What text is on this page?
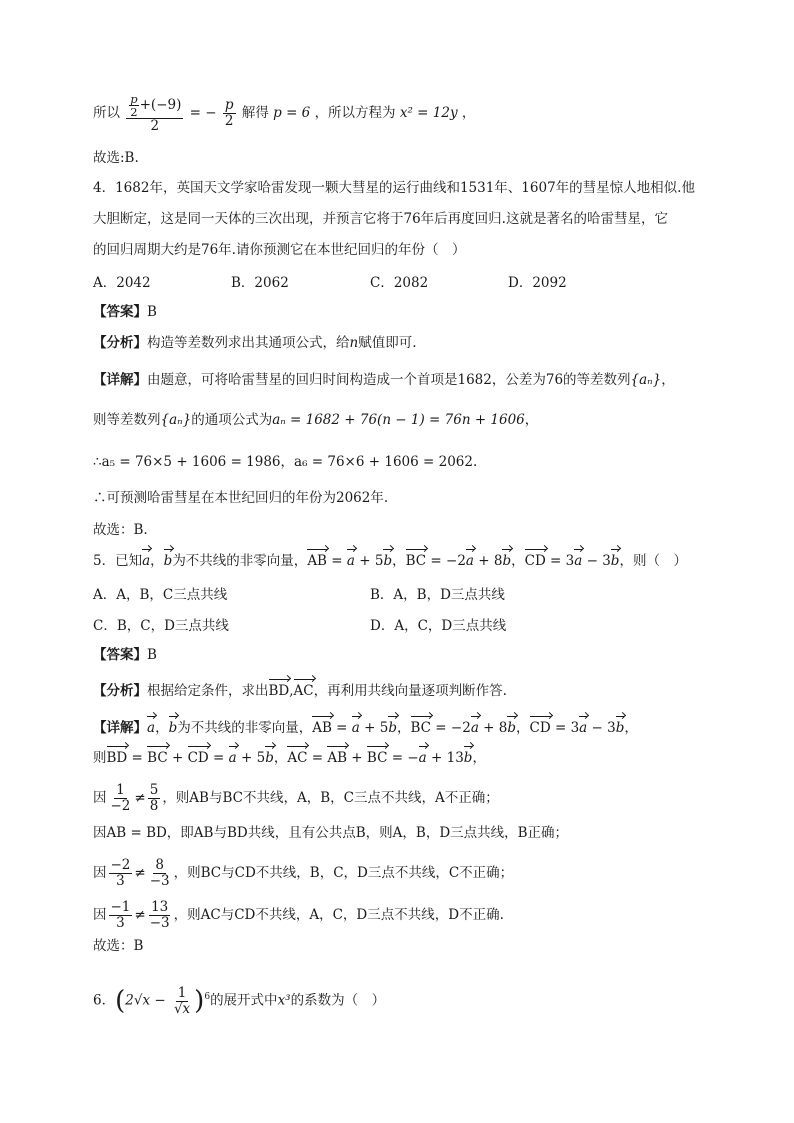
所以 $\frac{\frac{p}{2} +(-9)}{2}$ = − $\frac{p}{2}$ 解得 p = 6 ，所以方程为 x² = 12y ，
故选:B.
4．1682年，英国天文学家哈雷发现一颗大彗星的运行曲线和1531年、1607年的彗星惊人地相似.他
大胆断定，这是同一天体的三次出现，并预言它将于76年后再度回归.这就是著名的哈雷彗星，它
的回归周期大约是76年.请你预测它在本世纪回归的年份（　）
A．2042	B．2062	C．2082	D．2092
【答案】B
【分析】构造等差数列求出其通项公式，给n赋值即可.
【详解】由题意，可将哈雷彗星的回归时间构造成一个首项是1682，公差为76的等差数列{aₙ}，
则等差数列{aₙ}的通项公式为aₙ = 1682 + 76(n − 1) = 76n + 1606，
∴a₅ = 76×5 + 1606 = 1986，a₆ = 76×6 + 1606 = 2062.
∴可预测哈雷彗星在本世纪回归的年份为2062年.
故选：B.
5．已知a，b为不共线的非零向量，AB = a + 5b，BC = −2a + 8b，CD = 3a − 3b，则（　）
A．A，B，C三点共线	B．A，B，D三点共线
C．B，C，D三点共线	D．A，C，D三点共线
【答案】B
【分析】根据给定条件，求出BD,AC，再利用共线向量逐项判断作答.
【详解】a，b为不共线的非零向量，AB = a + 5b，BC = −2a + 8b，CD = 3a − 3b，
则BD = BC + CD = a + 5b，AC = AB + BC = −a + 13b，
因 $\frac{1}{-2} \ne \frac{5}{8}$ ，则AB与BC不共线，A，B，C三点不共线，A不正确；
因AB = BD，即AB与BD共线，且有公共点B，则A，B，D三点共线，B正确；
因 $\frac{-2}{3} \ne \frac{8}{-3}$ ，则BC与CD不共线，B，C，D三点不共线，C不正确；
因 $\frac{-1}{3} \ne \frac{13}{-3}$ ，则AC与CD不共线，A，C，D三点不共线，D不正确.
故选：B
6．$(2√x - \frac{1}{√x} )^6$的展开式中x³的系数为（　）
